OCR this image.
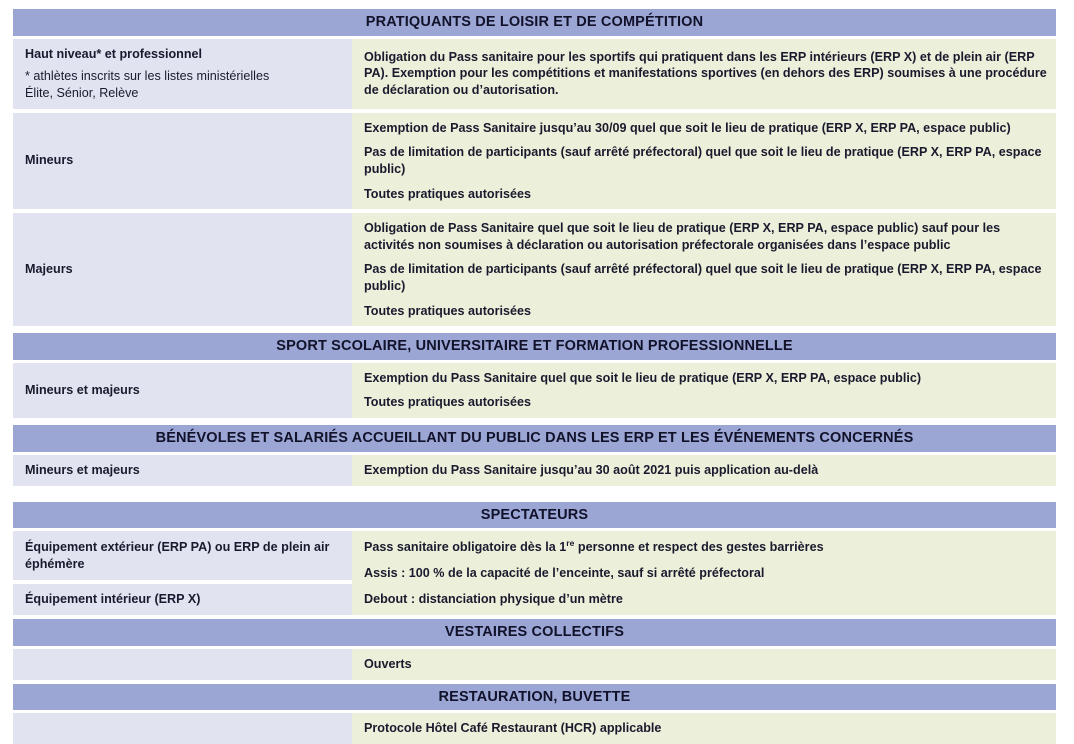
PRATIQUANTS DE LOISIR ET DE COMPÉTITION
Haut niveau* et professionnel
* athlètes inscrits sur les listes ministérielles
Élite, Sénior, Relève

Obligation du Pass sanitaire pour les sportifs qui pratiquent dans les ERP intérieurs (ERP X) et de plein air (ERP PA). Exemption pour les compétitions et manifestations sportives (en dehors des ERP) soumises à une procédure de déclaration ou d’autorisation.

Mineurs

Exemption de Pass Sanitaire jusqu’au 30/09 quel que soit le lieu de pratique (ERP X, ERP PA, espace public)

Pas de limitation de participants (sauf arrêté préfectoral) quel que soit le lieu de pratique (ERP X, ERP PA, espace public)

Toutes pratiques autorisées

Majeurs

Obligation de Pass Sanitaire quel que soit le lieu de pratique (ERP X, ERP PA, espace public) sauf pour les activités non soumises à déclaration ou autorisation préfectorale organisées dans l’espace public

Pas de limitation de participants (sauf arrêté préfectoral) quel que soit le lieu de pratique (ERP X, ERP PA, espace public)

Toutes pratiques autorisées

SPORT SCOLAIRE, UNIVERSITAIRE ET FORMATION PROFESSIONNELLE
Mineurs et majeurs

Exemption du Pass Sanitaire quel que soit le lieu de pratique (ERP X, ERP PA, espace public)

Toutes pratiques autorisées

BÉNÉVOLES ET SALARIÉS ACCUEILLANT DU PUBLIC DANS LES ERP ET LES ÉVÉNEMENTS CONCERNÉS
Mineurs et majeurs	Exemption du Pass Sanitaire jusqu’au 30 août 2021 puis application au-delà

SPECTATEURS
Équipement extérieur (ERP PA) ou ERP de plein air éphémère
Équipement intérieur (ERP X)

Pass sanitaire obligatoire dès la 1re personne et respect des gestes barrières

Assis : 100 % de la capacité de l’enceinte, sauf si arrêté préfectoral

Debout : distanciation physique d’un mètre

VESTAIRES COLLECTIFS

Ouverts

RESTAURATION, BUVETTE

Protocole Hôtel Café Restaurant (HCR) applicable
